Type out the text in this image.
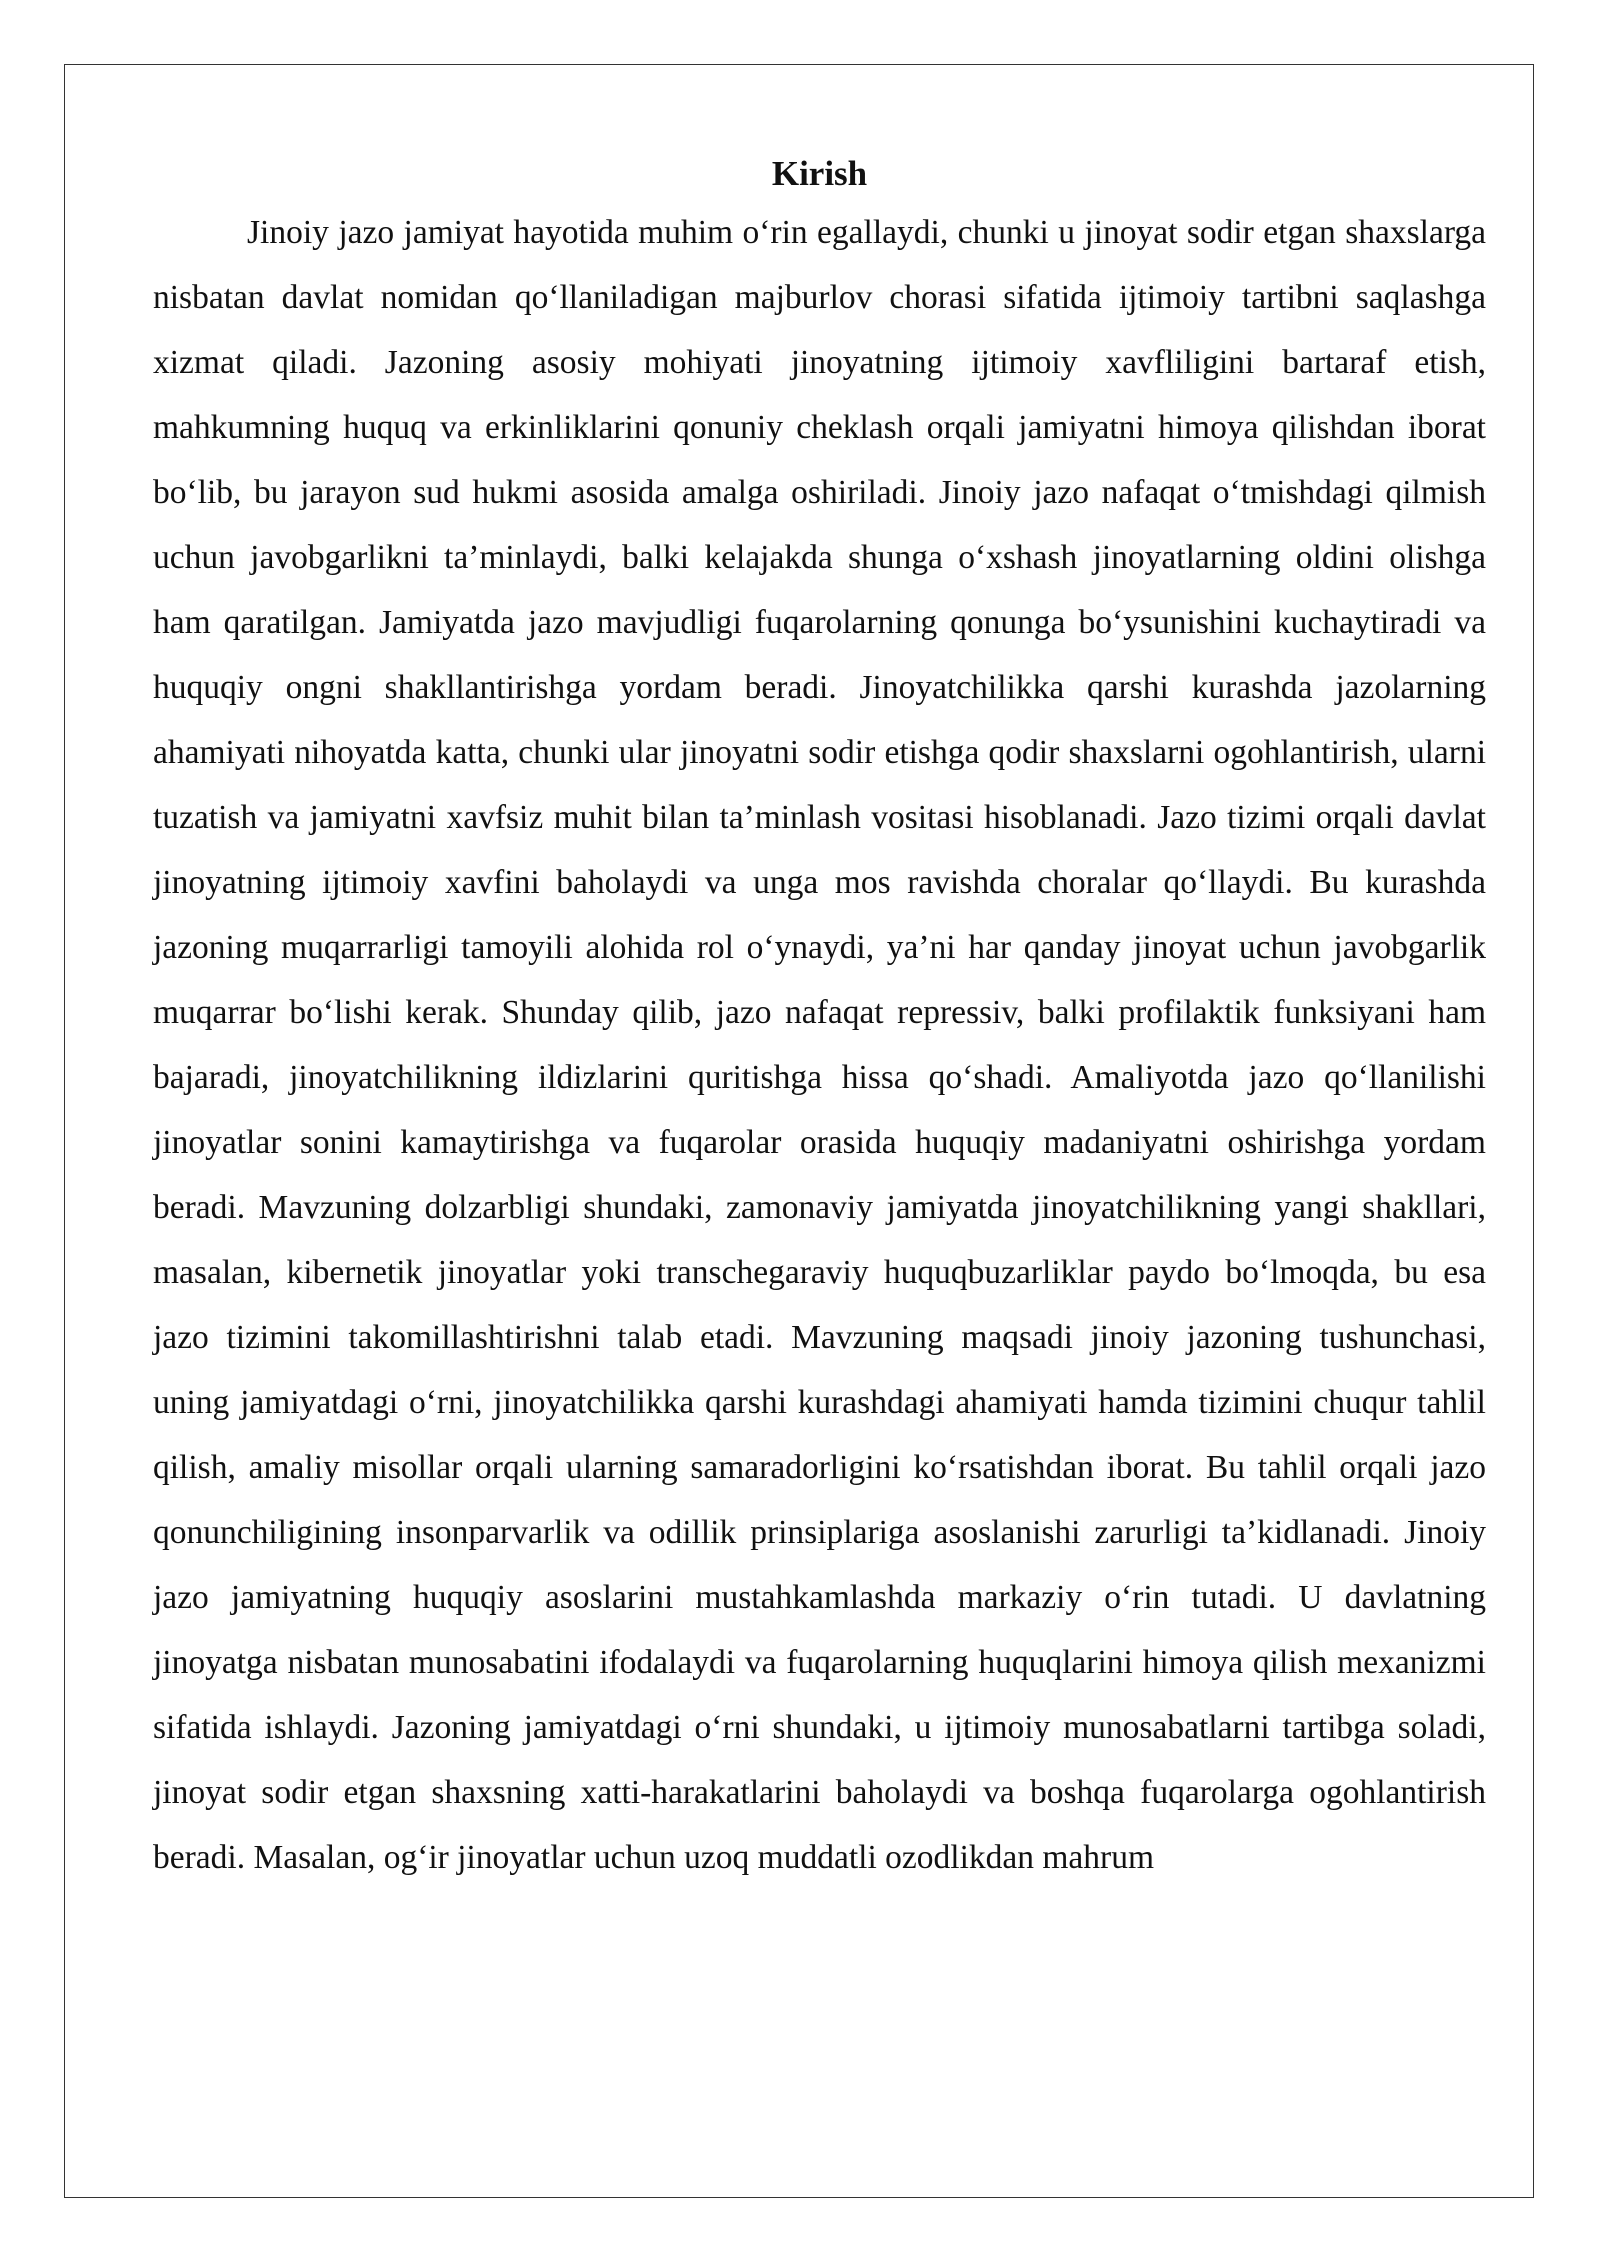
Kirish

Jinoiy jazo jamiyat hayotida muhim o‘rin egallaydi, chunki u jinoyat sodir etgan shaxslarga nisbatan davlat nomidan qo‘llaniladigan majburlov chorasi sifatida ijtimoiy tartibni saqlashga xizmat qiladi. Jazoning asosiy mohiyati jinoyatning ijtimoiy xavfliligini bartaraf etish, mahkumning huquq va erkinliklarini qonuniy cheklash orqali jamiyatni himoya qilishdan iborat bo‘lib, bu jarayon sud hukmi asosida amalga oshiriladi. Jinoiy jazo nafaqat o‘tmishdagi qilmish uchun javobgarlikni ta’minlaydi, balki kelajakda shunga o‘xshash jinoyatlarning oldini olishga ham qaratilgan. Jamiyatda jazo mavjudligi fuqarolarning qonunga bo‘ysunishini kuchaytiradi va huquqiy ongni shakllantirishga yordam beradi. Jinoyatchilikka qarshi kurashda jazolarning ahamiyati nihoyatda katta, chunki ular jinoyatni sodir etishga qodir shaxslarni ogohlantirish, ularni tuzatish va jamiyatni xavfsiz muhit bilan ta’minlash vositasi hisoblanadi. Jazo tizimi orqali davlat jinoyatning ijtimoiy xavfini baholaydi va unga mos ravishda choralar qo‘llaydi. Bu kurashda jazoning muqarrarligi tamoyili alohida rol o‘ynaydi, ya’ni har qanday jinoyat uchun javobgarlik muqarrar bo‘lishi kerak. Shunday qilib, jazo nafaqat repressiv, balki profilaktik funksiyani ham bajaradi, jinoyatchilikning ildizlarini quritishga hissa qo‘shadi. Amaliyotda jazo qo‘llanilishi jinoyatlar sonini kamaytirishga va fuqarolar orasida huquqiy madaniyatni oshirishga yordam beradi. Mavzuning dolzarbligi shundaki, zamonaviy jamiyatda jinoyatchilikning yangi shakllari, masalan, kibernetik jinoyatlar yoki transchegaraviy huquqbuzarliklar paydo bo‘lmoqda, bu esa jazo tizimini takomillashtirishni talab etadi. Mavzuning maqsadi jinoiy jazoning tushunchasi, uning jamiyatdagi o‘rni, jinoyatchilikka qarshi kurashdagi ahamiyati hamda tizimini chuqur tahlil qilish, amaliy misollar orqali ularning samaradorligini ko‘rsatishdan iborat. Bu tahlil orqali jazo qonunchiligining insonparvarlik va odillik prinsiplariga asoslanishi zarurligi ta’kidlanadi. Jinoiy jazo jamiyatning huquqiy asoslarini mustahkamlashda markaziy o‘rin tutadi. U davlatning jinoyatga nisbatan munosabatini ifodalaydi va fuqarolarning huquqlarini himoya qilish mexanizmi sifatida ishlaydi. Jazoning jamiyatdagi o‘rni shundaki, u ijtimoiy munosabatlarni tartibga soladi, jinoyat sodir etgan shaxsning xatti-harakatlarini baholaydi va boshqa fuqarolarga ogohlantirish beradi. Masalan, og‘ir jinoyatlar uchun uzoq muddatli ozodlikdan mahrum
